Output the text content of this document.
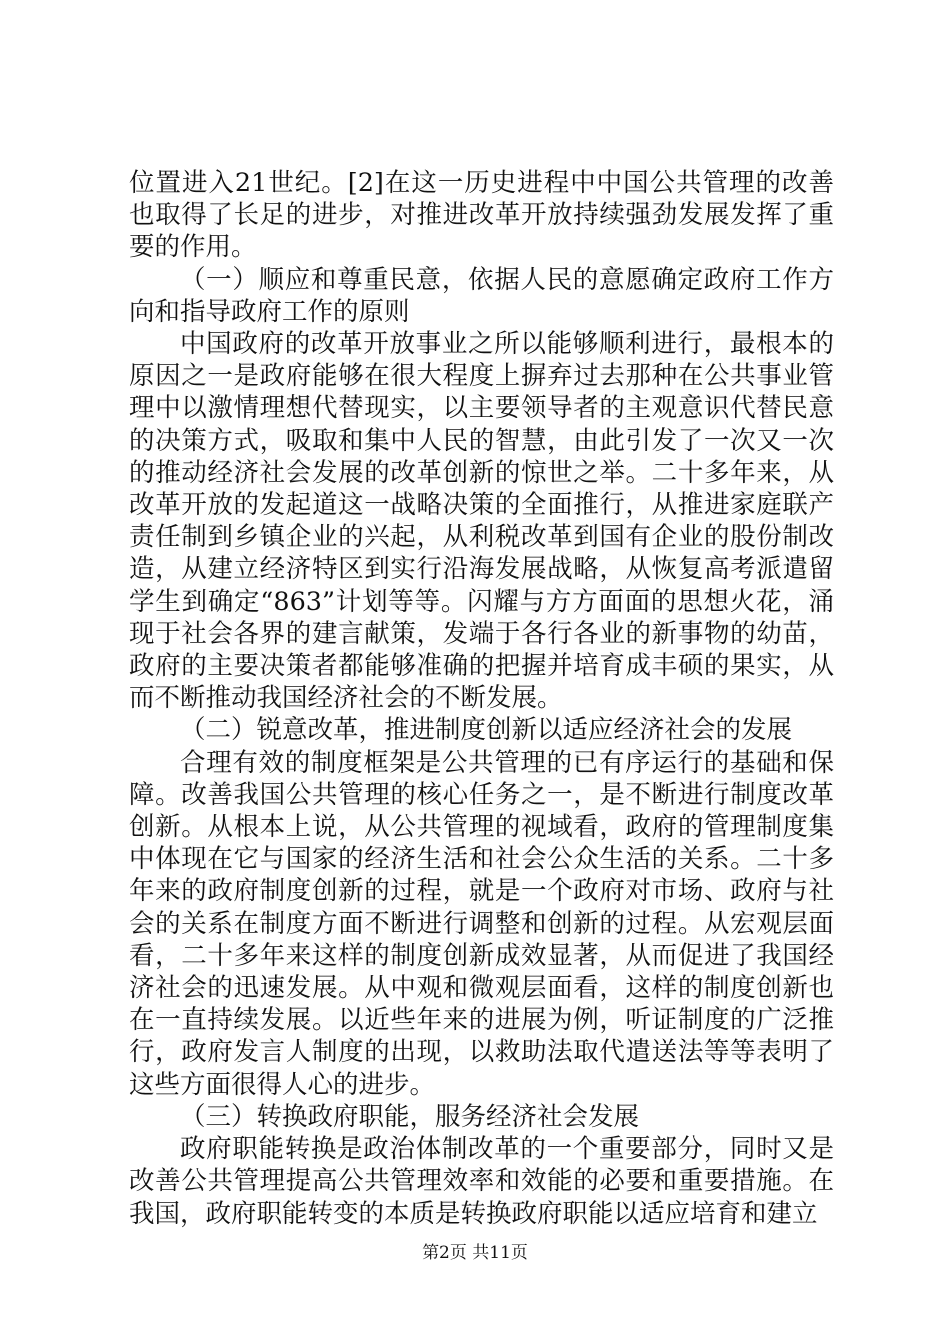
位置进入21世纪。[2]在这一历史进程中中国公共管理的改善也取得了长足的进步，对推进改革开放持续强劲发展发挥了重要的作用。

（一）顺应和尊重民意，依据人民的意愿确定政府工作方向和指导政府工作的原则

中国政府的改革开放事业之所以能够顺利进行，最根本的原因之一是政府能够在很大程度上摒弃过去那种在公共事业管理中以激情理想代替现实，以主要领导者的主观意识代替民意的决策方式，吸取和集中人民的智慧，由此引发了一次又一次的推动经济社会发展的改革创新的惊世之举。二十多年来，从改革开放的发起道这一战略决策的全面推行，从推进家庭联产责任制到乡镇企业的兴起，从利税改革到国有企业的股份制改造，从建立经济特区到实行沿海发展战略，从恢复高考派遣留学生到确定“863”计划等等。闪耀与方方面面的思想火花，涌现于社会各界的建言献策，发端于各行各业的新事物的幼苗，政府的主要决策者都能够准确的把握并培育成丰硕的果实，从而不断推动我国经济社会的不断发展。

（二）锐意改革，推进制度创新以适应经济社会的发展

合理有效的制度框架是公共管理的已有序运行的基础和保障。改善我国公共管理的核心任务之一，是不断进行制度改革创新。从根本上说，从公共管理的视域看，政府的管理制度集中体现在它与国家的经济生活和社会公众生活的关系。二十多年来的政府制度创新的过程，就是一个政府对市场、政府与社会的关系在制度方面不断进行调整和创新的过程。从宏观层面看，二十多年来这样的制度创新成效显著，从而促进了我国经济社会的迅速发展。从中观和微观层面看，这样的制度创新也在一直持续发展。以近些年来的进展为例，听证制度的广泛推行，政府发言人制度的出现，以救助法取代遣送法等等表明了这些方面很得人心的进步。

（三）转换政府职能，服务经济社会发展

政府职能转换是政治体制改革的一个重要部分，同时又是改善公共管理提高公共管理效率和效能的必要和重要措施。在我国，政府职能转变的本质是转换政府职能以适应培育和建立

第2页 共11页
